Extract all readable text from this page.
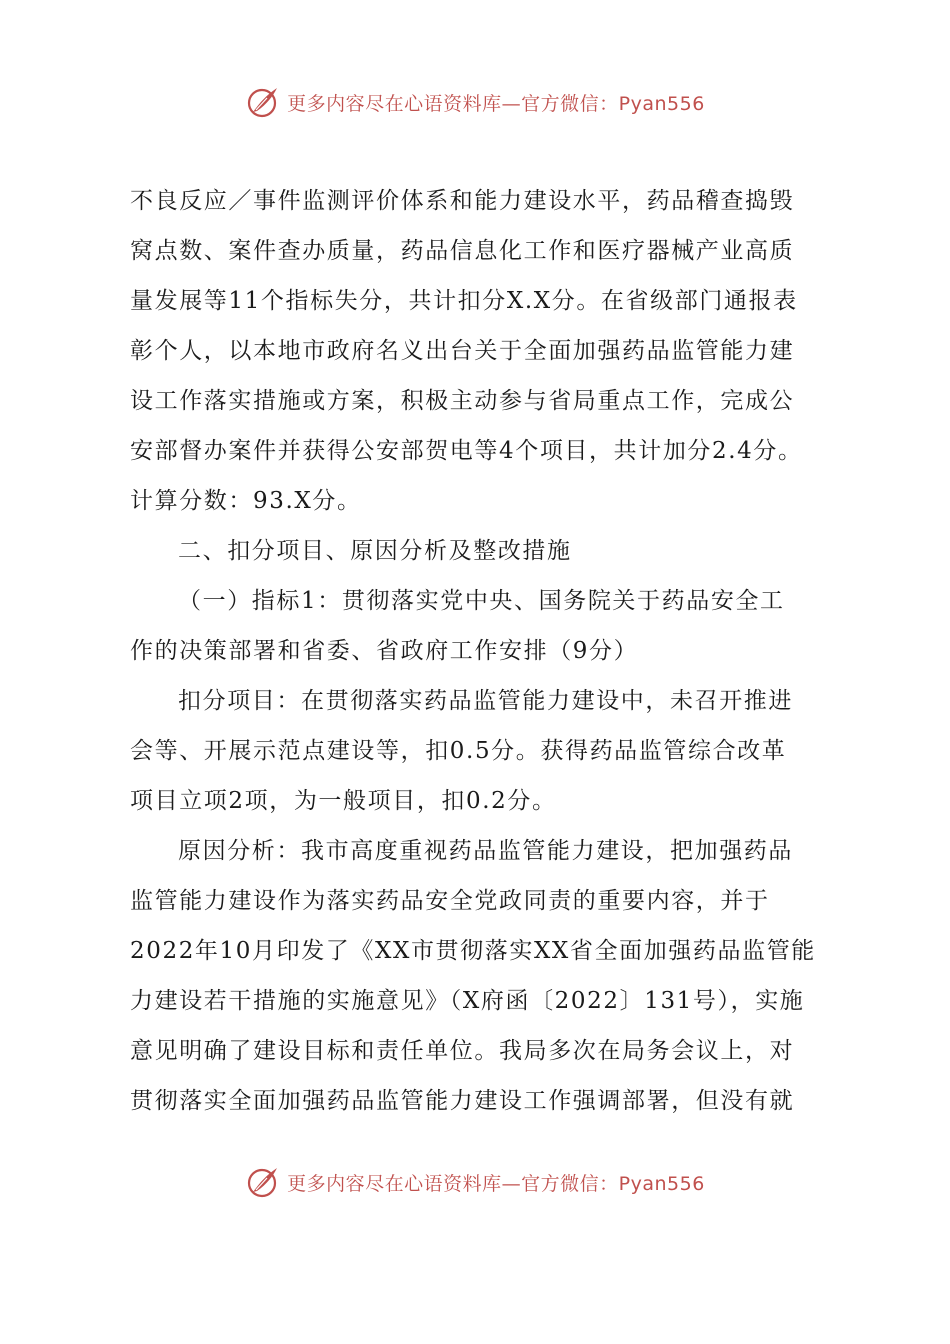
更多内容尽在心语资料库—官方微信：Pyan556
不良反应／事件监测评价体系和能力建设水平，药品稽查捣毁
窝点数、案件查办质量，药品信息化工作和医疗器械产业高质
量发展等11个指标失分，共计扣分X.X分。在省级部门通报表
彰个人，以本地市政府名义出台关于全面加强药品监管能力建
设工作落实措施或方案，积极主动参与省局重点工作，完成公
安部督办案件并获得公安部贺电等4个项目，共计加分2.4分。
计算分数：93.X分。
二、扣分项目、原因分析及整改措施
（一）指标1：贯彻落实党中央、国务院关于药品安全工
作的决策部署和省委、省政府工作安排（9分）
扣分项目：在贯彻落实药品监管能力建设中，未召开推进
会等、开展示范点建设等，扣0.5分。获得药品监管综合改革
项目立项2项，为一般项目，扣0.2分。
原因分析：我市高度重视药品监管能力建设，把加强药品
监管能力建设作为落实药品安全党政同责的重要内容，并于
2022年10月印发了《XX市贯彻落实XX省全面加强药品监管能
力建设若干措施的实施意见》（X府函〔2022〕131号），实施
意见明确了建设目标和责任单位。我局多次在局务会议上，对
贯彻落实全面加强药品监管能力建设工作强调部署，但没有就
更多内容尽在心语资料库—官方微信：Pyan556
